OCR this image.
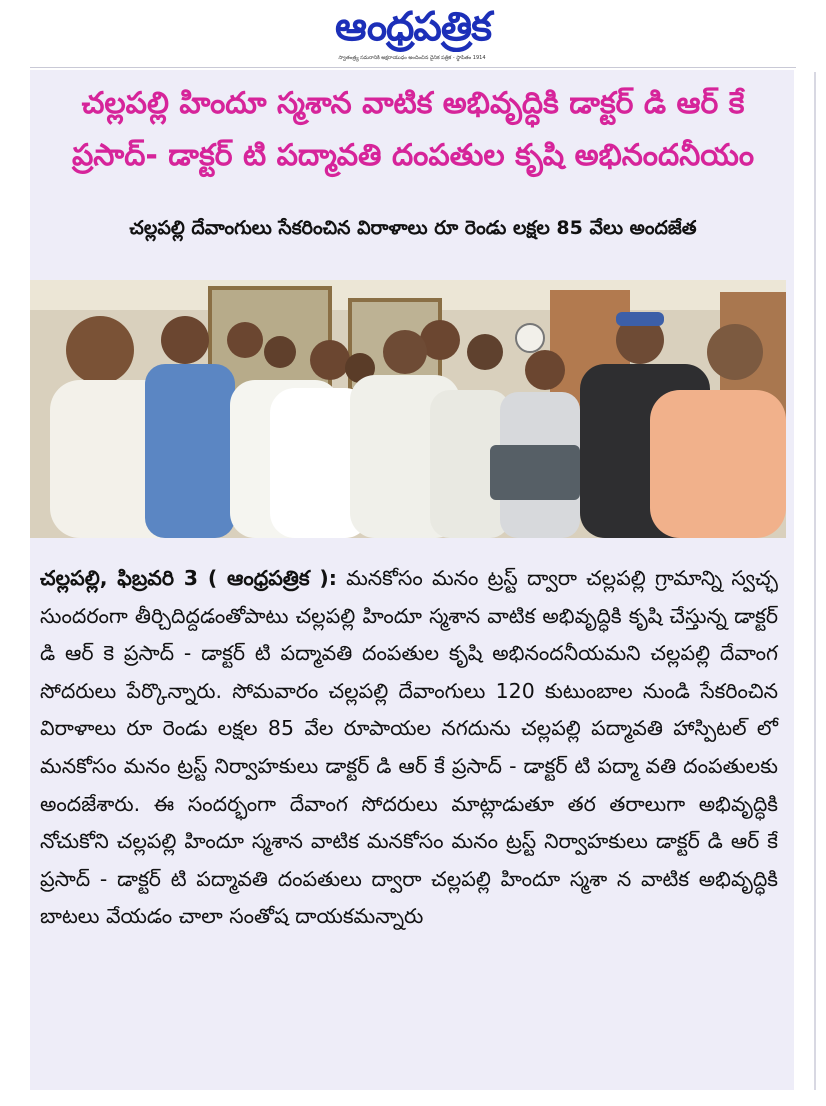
ఆంధ్రపత్రిక
స్వాతంత్ర్య సమరానికి అక్షరాయుధం అందించిన దైనిక పత్రిక - స్థాపితం 1914
చల్లపల్లి హిందూ స్మశాన వాటిక అభివృద్ధికి డాక్టర్ డి ఆర్ కే
ప్రసాద్- డాక్టర్ టి పద్మావతి దంపతుల కృషి అభినందనీయం
చల్లపల్లి దేవాంగులు సేకరించిన విరాళాలు రూ రెండు లక్షల 85 వేలు అందజేత

చల్లపల్లి, ఫిబ్రవరి 3 ( ఆంధ్రపత్రిక ): మనకోసం మనం ట్రస్ట్ ద్వారా చల్లపల్లి గ్రామాన్ని స్వచ్ఛ సుందరంగా తీర్చిదిద్దడంతోపాటు చల్లపల్లి హిందూ స్మశాన వాటిక అభివృద్ధికి కృషి చేస్తున్న డాక్టర్ డి ఆర్ కె ప్రసాద్ - డాక్టర్ టి పద్మావతి దంపతుల కృషి అభినందనీయమని చల్లపల్లి దేవాంగ సోదరులు పేర్కొన్నారు. సోమవారం చల్లపల్లి దేవాంగులు 120 కుటుంబాల నుండి సేకరించిన విరాళాలు రూ రెండు లక్షల 85 వేల రూపాయల నగదును చల్లపల్లి పద్మావతి హాస్పిటల్ లో మనకోసం మనం ట్రస్ట్ నిర్వాహకులు డాక్టర్ డి ఆర్ కే ప్రసాద్ - డాక్టర్ టి పద్మా వతి దంపతులకు అందజేశారు. ఈ సందర్భంగా దేవాంగ సోదరులు మాట్లాడుతూ తర తరాలుగా అభివృద్ధికి నోచుకోని చల్లపల్లి హిందూ స్మశాన వాటిక మనకోసం మనం ట్రస్ట్ నిర్వాహకులు డాక్టర్ డి ఆర్ కే ప్రసాద్ - డాక్టర్ టి పద్మావతి దంపతులు ద్వారా చల్లపల్లి హిందూ స్మశా న వాటిక అభివృద్ధికి బాటలు వేయడం చాలా సంతోష దాయకమన్నారు
